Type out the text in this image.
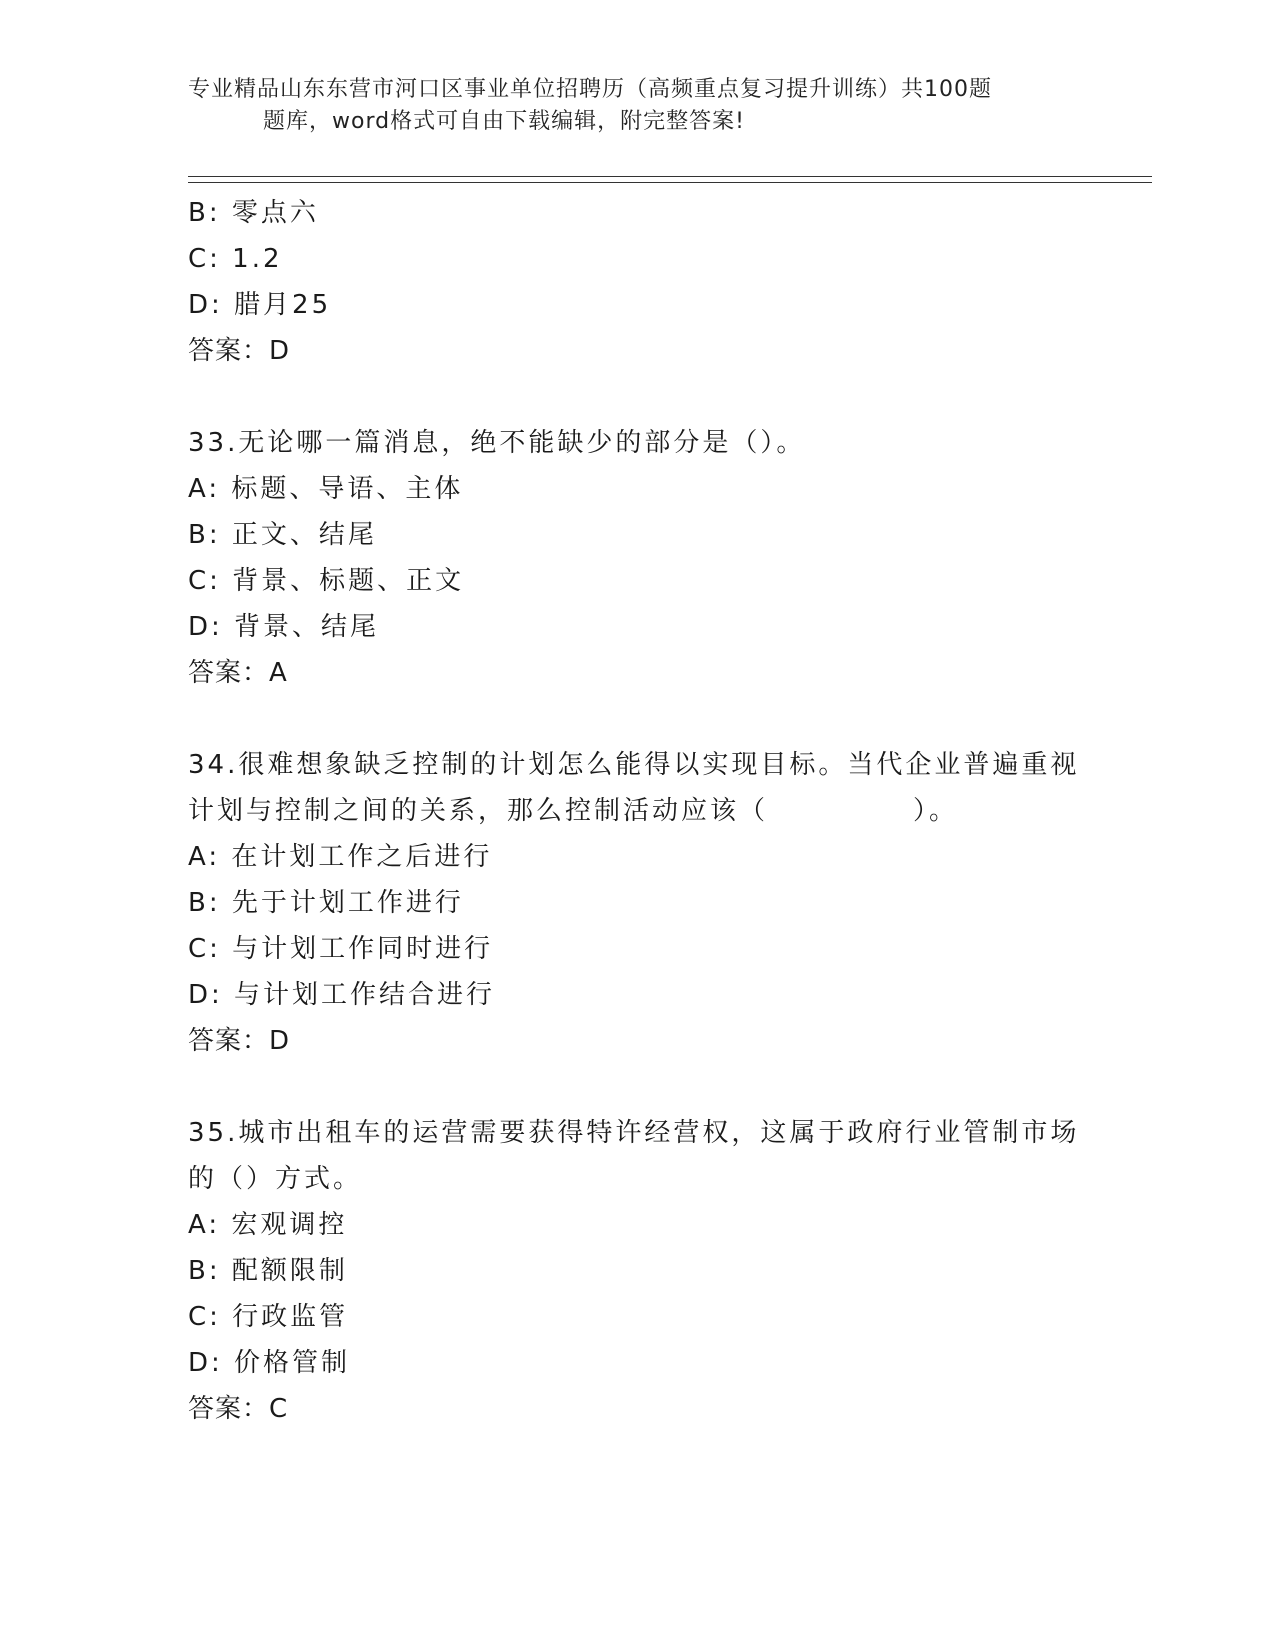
专业精品山东东营市河口区事业单位招聘历（高频重点复习提升训练）共100题
题库，word格式可自由下载编辑，附完整答案!
B: 零点六
C: 1.2
D: 腊月25
答案：D
33.无论哪一篇消息，绝不能缺少的部分是（）。
A: 标题、导语、主体
B: 正文、结尾
C: 背景、标题、正文
D: 背景、结尾
答案：A
34.很难想象缺乏控制的计划怎么能得以实现目标。当代企业普遍重视
计划与控制之间的关系，那么控制活动应该（　　　　　）。
A: 在计划工作之后进行
B: 先于计划工作进行
C: 与计划工作同时进行
D: 与计划工作结合进行
答案：D
35.城市出租车的运营需要获得特许经营权，这属于政府行业管制市场
的（）方式。
A: 宏观调控
B: 配额限制
C: 行政监管
D: 价格管制
答案：C
